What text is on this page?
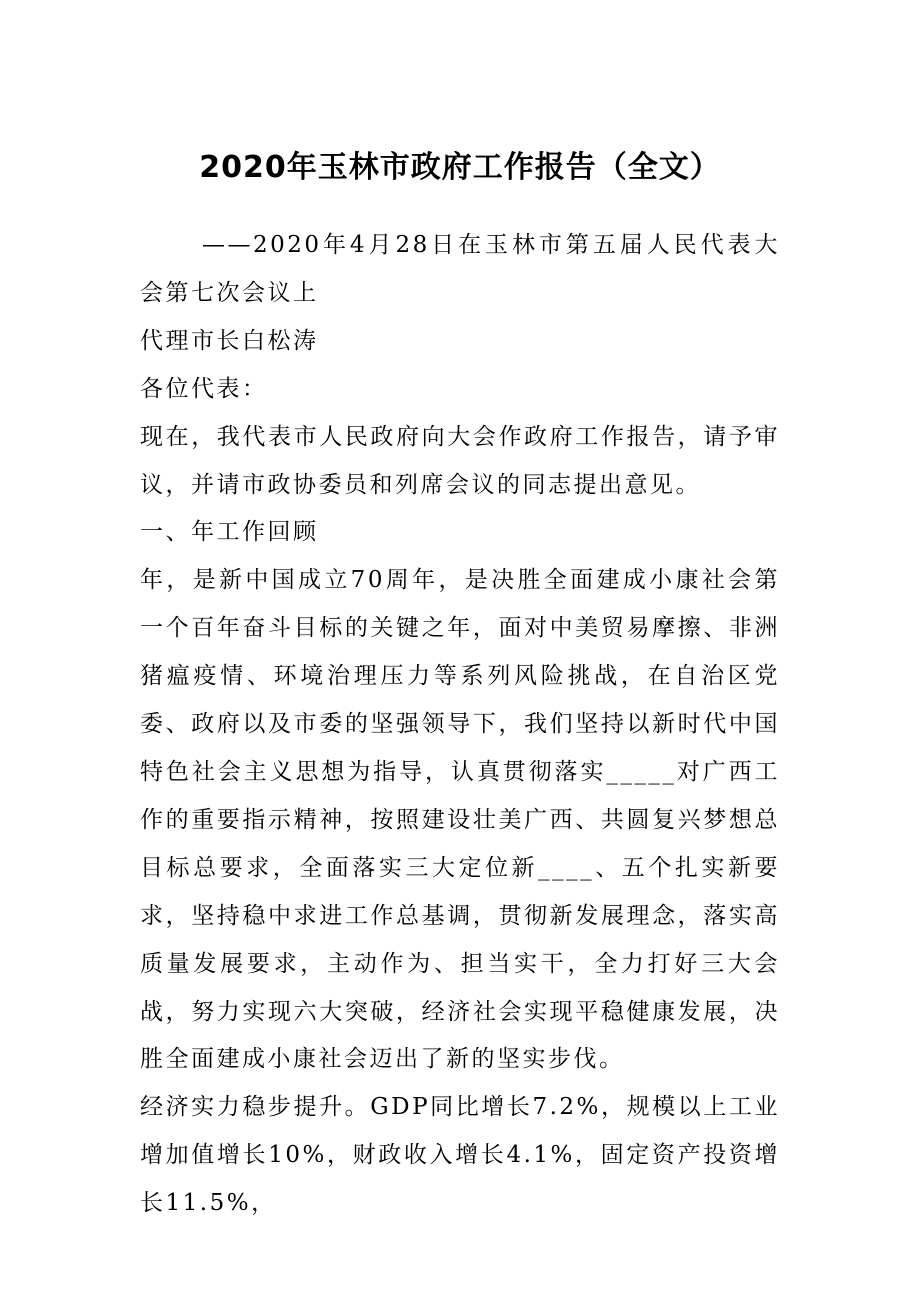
2020年玉林市政府工作报告（全文）

——2020年4月28日在玉林市第五届人民代表大会第七次会议上

代理市长白松涛

各位代表：

现在，我代表市人民政府向大会作政府工作报告，请予审议，并请市政协委员和列席会议的同志提出意见。

一、年工作回顾

年，是新中国成立70周年，是决胜全面建成小康社会第一个百年奋斗目标的关键之年，面对中美贸易摩擦、非洲猪瘟疫情、环境治理压力等系列风险挑战，在自治区党委、政府以及市委的坚强领导下，我们坚持以新时代中国特色社会主义思想为指导，认真贯彻落实_____对广西工作的重要指示精神，按照建设壮美广西、共圆复兴梦想总目标总要求，全面落实三大定位新____、五个扎实新要求，坚持稳中求进工作总基调，贯彻新发展理念，落实高质量发展要求，主动作为、担当实干，全力打好三大会战，努力实现六大突破，经济社会实现平稳健康发展，决胜全面建成小康社会迈出了新的坚实步伐。

经济实力稳步提升。GDP同比增长7.2%，规模以上工业增加值增长10%，财政收入增长4.1%，固定资产投资增长11.5%，
